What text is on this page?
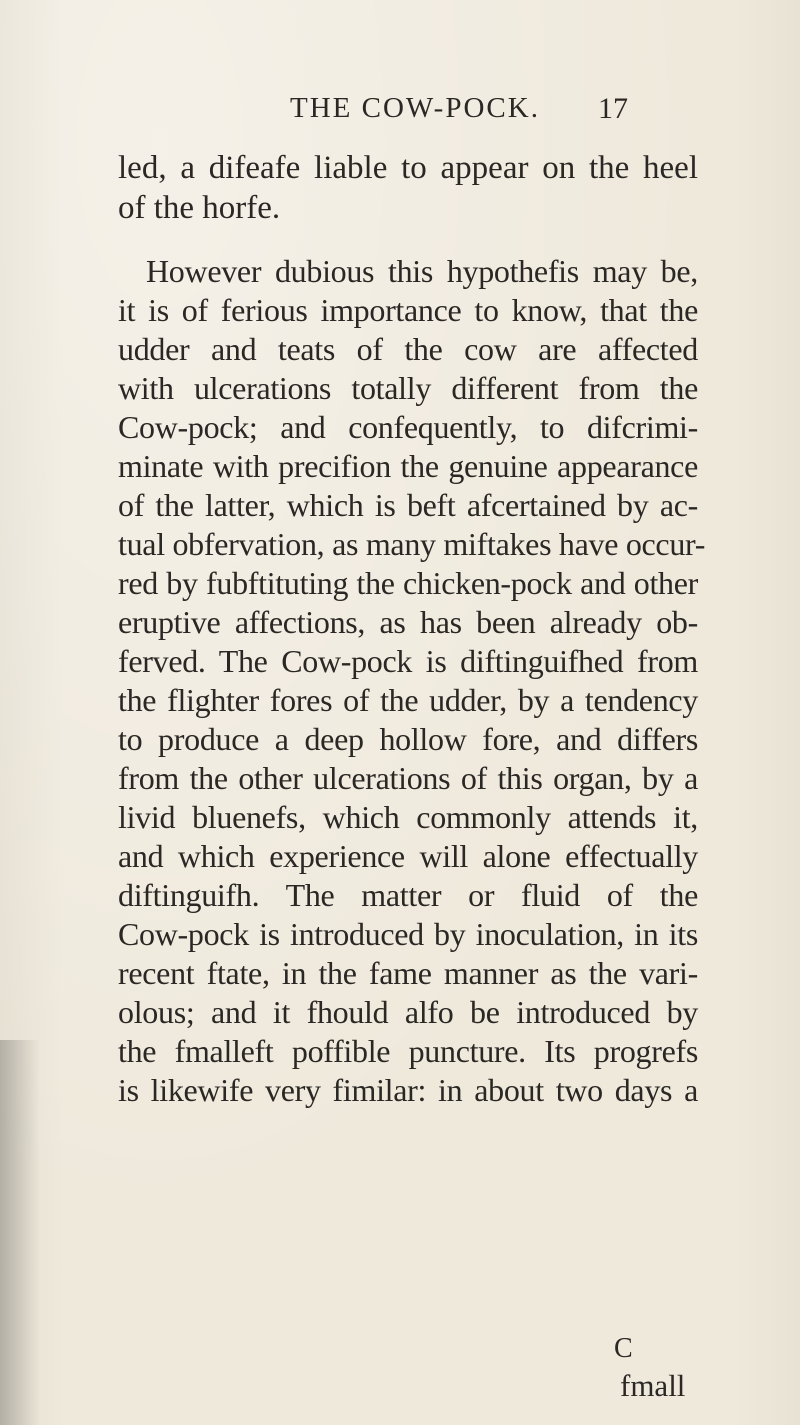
THE COW-POCK. 17
led, a difeafe liable to appear on the heel
of the horfe.
However dubious this hypothefis may be,
it is of ferious importance to know, that the
udder and teats of the cow are affected
with ulcerations totally different from the
Cow-pock; and confequently, to difcrimi-
minate with precifion the genuine appearance
of the latter, which is beft afcertained by ac-
tual obfervation, as many miftakes have occur-
red by fubftituting the chicken-pock and other
eruptive affections, as has been already ob-
ferved. The Cow-pock is diftinguifhed from
the flighter fores of the udder, by a tendency
to produce a deep hollow fore, and differs
from the other ulcerations of this organ, by a
livid bluenefs, which commonly attends it,
and which experience will alone effectually
diftinguifh. The matter or fluid of the
Cow-pock is introduced by inoculation, in its
recent ftate, in the fame manner as the vari-
olous; and it fhould alfo be introduced by
the fmalleft poffible puncture. Its progrefs
is likewife very fimilar: in about two days a
C
fmall
